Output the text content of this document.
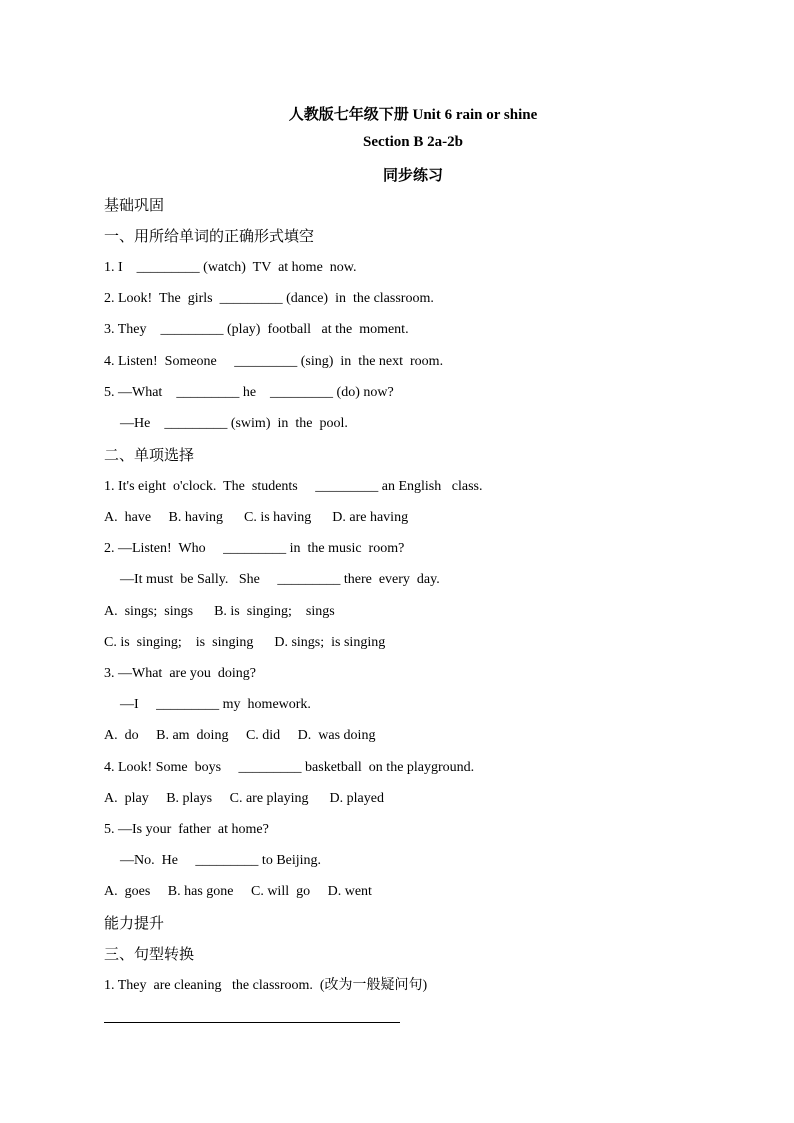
人教版七年级下册 Unit 6 rain or shine
Section B 2a-2b
同步练习
基础巩固
一、用所给单词的正确形式填空
1. I    _________ (watch)  TV  at home  now.
2. Look!  The  girls  _________ (dance)  in  the classroom.
3. They    _________ (play)  football   at the  moment.
4. Listen!  Someone     _________ (sing)  in  the next  room.
5. —What    _________ he    _________ (do) now?
—He    _________ (swim)  in  the  pool.
二、单项选择
1. It's eight  o'clock.  The  students     _________ an English   class.
A.  have     B. having      C. is having      D. are having
2. —Listen!  Who     _________ in  the music  room?
—It must  be Sally.   She     _________ there  every  day.
A.  sings;  sings      B. is  singing;    sings
C. is  singing;    is  singing      D. sings;  is singing
3. —What  are you  doing?
—I     _________ my  homework.
A.  do     B. am  doing     C. did     D.  was doing
4. Look! Some  boys     _________ basketball  on the playground.
A.  play     B. plays     C. are playing      D. played
5. —Is your  father  at home?
—No.  He     _________ to Beijing.
A.  goes     B. has gone     C. will  go     D. went
能力提升
三、句型转换
1. They  are cleaning   the classroom.  (改为一般疑问句)
